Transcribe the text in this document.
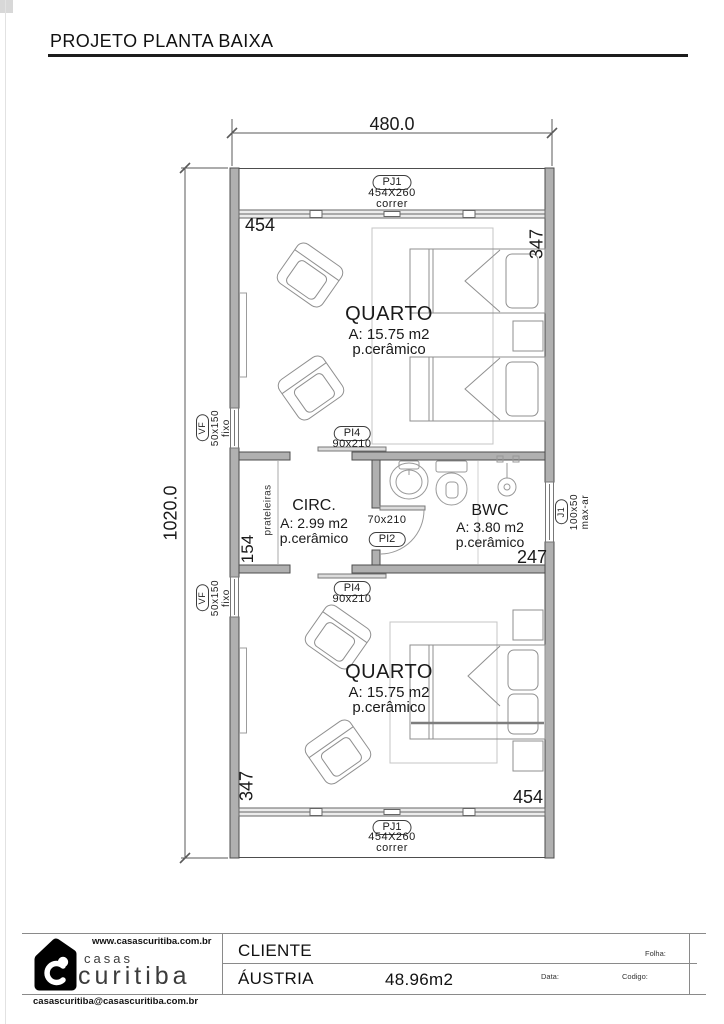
PROJETO PLANTA BAIXA
480.0
1020.0
PJ1
454X260
correr
454
347
QUARTO
A: 15.75 m2
p.cerâmico
PI4
90x210
VF 50x150 fixo
VF 50x150 fixo
prateleiras
154
CIRC.
A: 2.99 m2
p.cerâmico
70x210
PI2
BWC
A: 3.80 m2
p.cerâmico
247
J1 100x50 max-ar
PI4
90x210
QUARTO
A: 15.75 m2
p.cerâmico
347	454
PJ1
454X260
correr
www.casascuritiba.com.br
casas
curitiba
casascuritiba@casascuritiba.com.br
CLIENTE	Folha:
ÁUSTRIA	48.96m2	Data:	Codigo:
